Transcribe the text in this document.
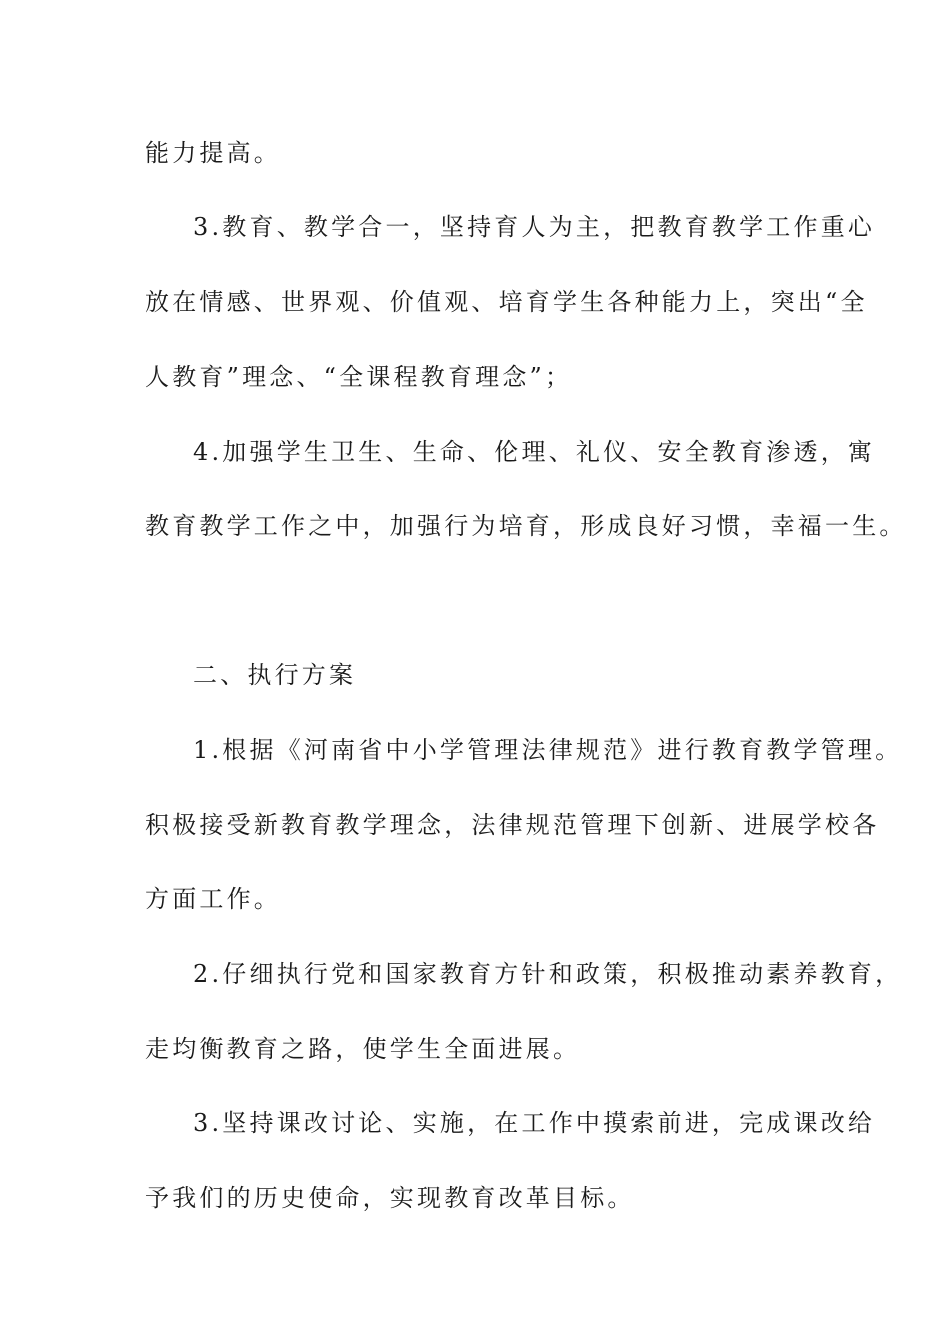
能力提高。
3.教育、教学合一，坚持育人为主，把教育教学工作重心
放在情感、世界观、价值观、培育学生各种能力上，突出“全
人教育”理念、“全课程教育理念”；
4.加强学生卫生、生命、伦理、礼仪、安全教育渗透，寓
教育教学工作之中，加强行为培育，形成良好习惯，幸福一生。
二、执行方案
1.根据《河南省中小学管理法律规范》进行教育教学管理。
积极接受新教育教学理念，法律规范管理下创新、进展学校各
方面工作。
2.仔细执行党和国家教育方针和政策，积极推动素养教育，
走均衡教育之路，使学生全面进展。
3.坚持课改讨论、实施，在工作中摸索前进，完成课改给
予我们的历史使命，实现教育改革目标。
